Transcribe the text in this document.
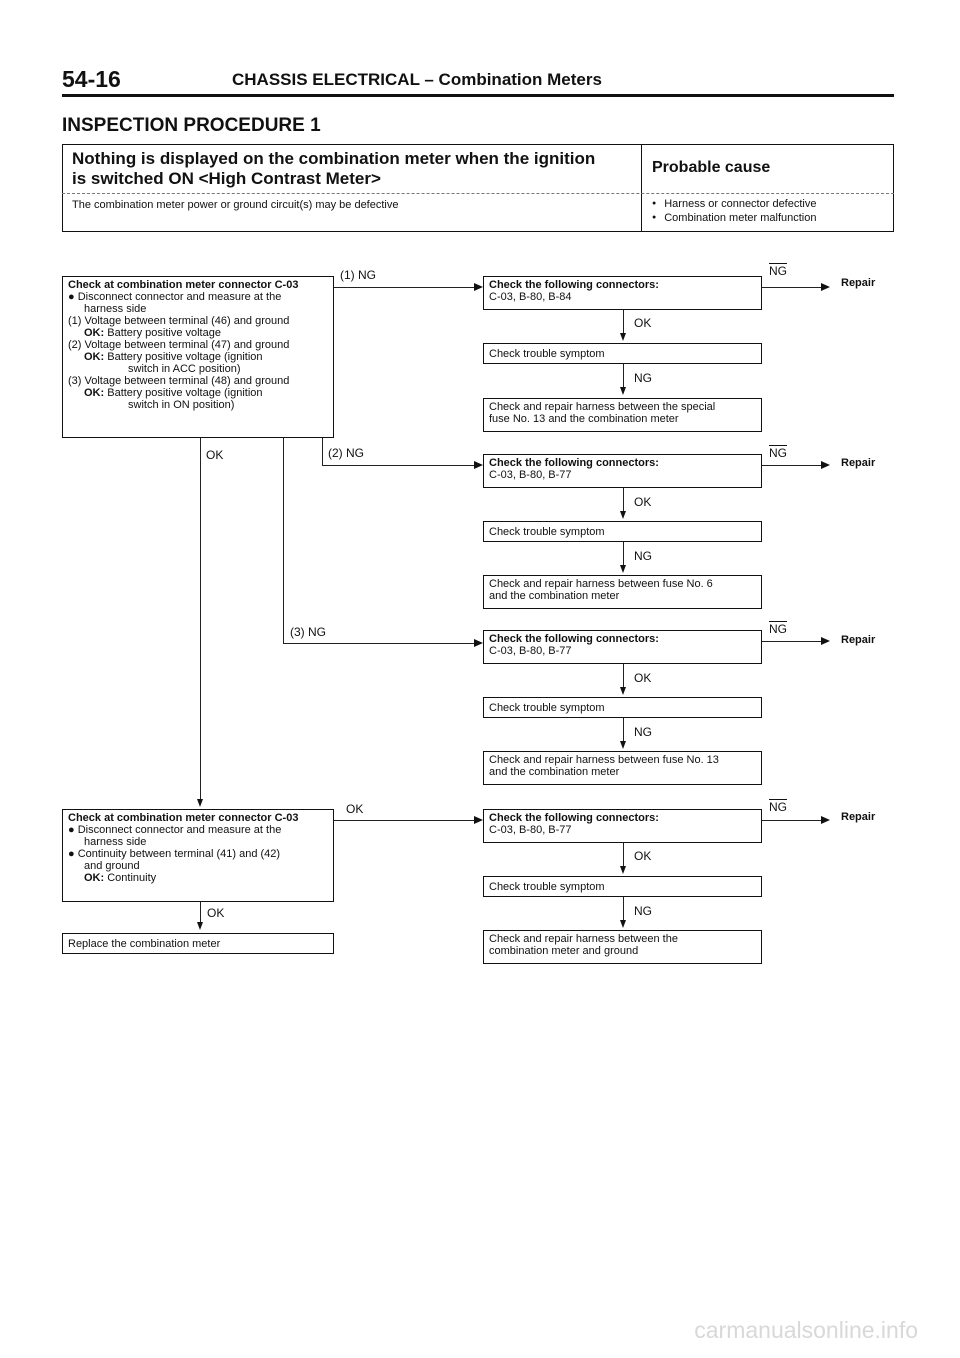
54-16	CHASSIS ELECTRICAL – Combination Meters
INSPECTION PROCEDURE 1
Nothing is displayed on the combination meter when the ignition
is switched ON <High Contrast Meter>
The combination meter power or ground circuit(s) may be defective
Probable cause
● Harness or connector defective
● Combination meter malfunction
Check at combination meter connector C-03
● Disconnect connector and measure at the
harness side
(1) Voltage between terminal (46) and ground
OK: Battery positive voltage
(2) Voltage between terminal (47) and ground
OK: Battery positive voltage (ignition
switch in ACC position)
(3) Voltage between terminal (48) and ground
OK: Battery positive voltage (ignition
switch in ON position)
Check at combination meter connector C-03
● Disconnect connector and measure at the
harness side
● Continuity between terminal (41) and (42)
and ground
OK: Continuity
Replace the combination meter
OK
OK
(1) NG
(2) NG
(3) NG
OK
Check the following connectors:
C-03, B-80, B-84
$\overline{NG}$
Repair
OK
Check trouble symptom
NG
Check and repair harness between the special
fuse No. 13 and the combination meter
Check the following connectors:
C-03, B-80, B-77
$\overline{NG}$
Repair
OK
Check trouble symptom
NG
Check and repair harness between fuse No. 6
and the combination meter
Check the following connectors:
C-03, B-80, B-77
$\overline{NG}$
Repair
OK
Check trouble symptom
NG
Check and repair harness between fuse No. 13
and the combination meter
Check the following connectors:
C-03, B-80, B-77
$\overline{NG}$
Repair
OK
Check trouble symptom
NG
Check and repair harness between the
combination meter and ground
carmanualsonline.info
